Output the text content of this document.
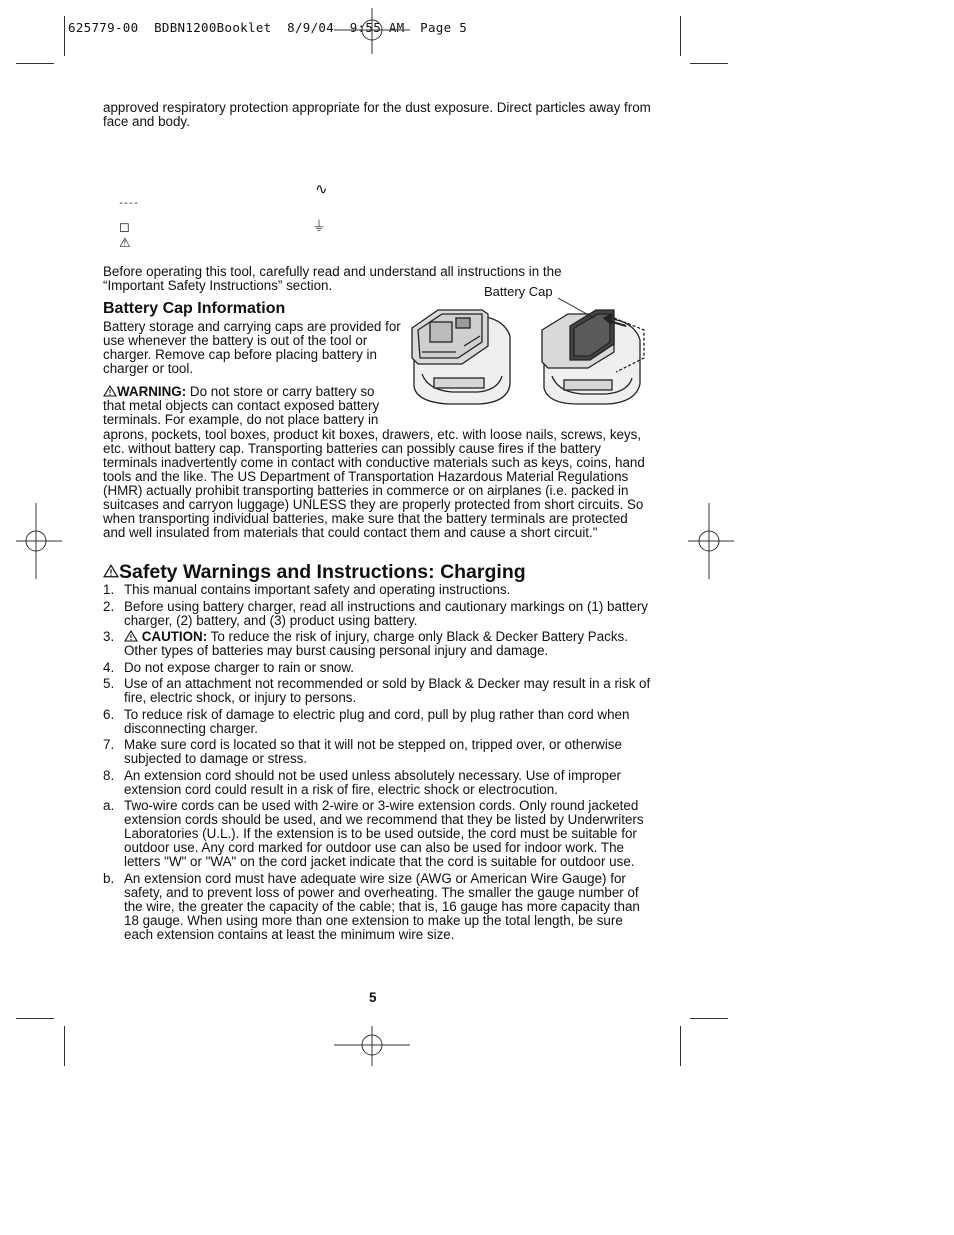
625779-00  BDBN1200Booklet  8/9/04  9:55 AM  Page 5
approved respiratory protection appropriate for the dust exposure. Direct particles away from face and body.
∿
----
◻	⏚
⚠
Before operating this tool, carefully read and understand all instructions in the “Important Safety Instructions” section.
Battery Cap Information
Battery storage and carrying caps are provided for use whenever the battery is out of the tool or charger. Remove cap before placing battery in charger or tool.
Battery Cap
WARNING: Do not store or carry battery so that metal objects can contact exposed battery terminals. For example, do not place battery in
aprons, pockets, tool boxes, product kit boxes, drawers, etc. with loose nails, screws, keys, etc. without battery cap. Transporting batteries can possibly cause fires if the battery terminals inadvertently come in contact with conductive materials such as keys, coins, hand tools and the like. The US Department of Transportation Hazardous Material Regulations (HMR) actually prohibit transporting batteries in commerce or on airplanes (i.e. packed in suitcases and carryon luggage) UNLESS they are properly protected from short circuits. So when transporting individual batteries, make sure that the battery terminals are protected and well insulated from materials that could contact them and cause a short circuit."
Safety Warnings and Instructions: Charging
1. This manual contains important safety and operating instructions.
2. Before using battery charger, read all instructions and cautionary markings on (1) battery charger, (2) battery, and (3) product using battery.
3. CAUTION: To reduce the risk of injury, charge only Black & Decker Battery Packs. Other types of batteries may burst causing personal injury and damage.
4. Do not expose charger to rain or snow.
5. Use of an attachment not recommended or sold by Black & Decker may result in a risk of fire, electric shock, or injury to persons.
6. To reduce risk of damage to electric plug and cord, pull by plug rather than cord when disconnecting charger.
7. Make sure cord is located so that it will not be stepped on, tripped over, or otherwise subjected to damage or stress.
8. An extension cord should not be used unless absolutely necessary. Use of improper extension cord could result in a risk of fire, electric shock or electrocution.
a. Two-wire cords can be used with 2-wire or 3-wire extension cords. Only round jacketed extension cords should be used, and we recommend that they be listed by Underwriters Laboratories (U.L.). If the extension is to be used outside, the cord must be suitable for outdoor use. Any cord marked for outdoor use can also be used for indoor work. The letters "W" or "WA" on the cord jacket indicate that the cord is suitable for outdoor use.
b. An extension cord must have adequate wire size (AWG or American Wire Gauge) for safety, and to prevent loss of power and overheating. The smaller the gauge number of the wire, the greater the capacity of the cable; that is, 16 gauge has more capacity than 18 gauge. When using more than one extension to make up the total length, be sure each extension contains at least the minimum wire size.
5
